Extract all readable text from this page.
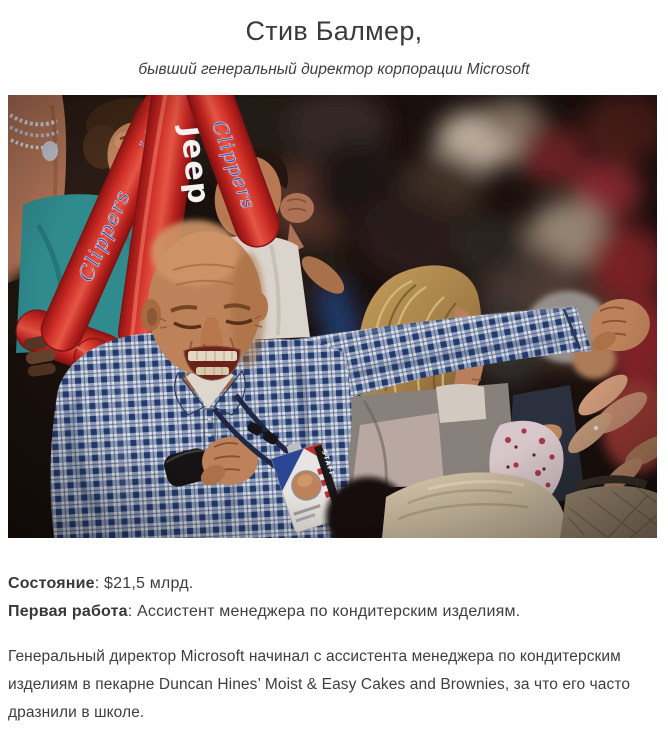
Стив Балмер,

бывший генеральный директор корпорации Microsoft

Состояние: $21,5 млрд.

Первая работа: Ассистент менеджера по кондитерским изделиям.

Генеральный директор Microsoft начинал с ассистента менеджера по кондитерским изделиям в пекарне Duncan Hines’ Moist & Easy Cakes and Brownies, за что его часто дразнили в школе.
